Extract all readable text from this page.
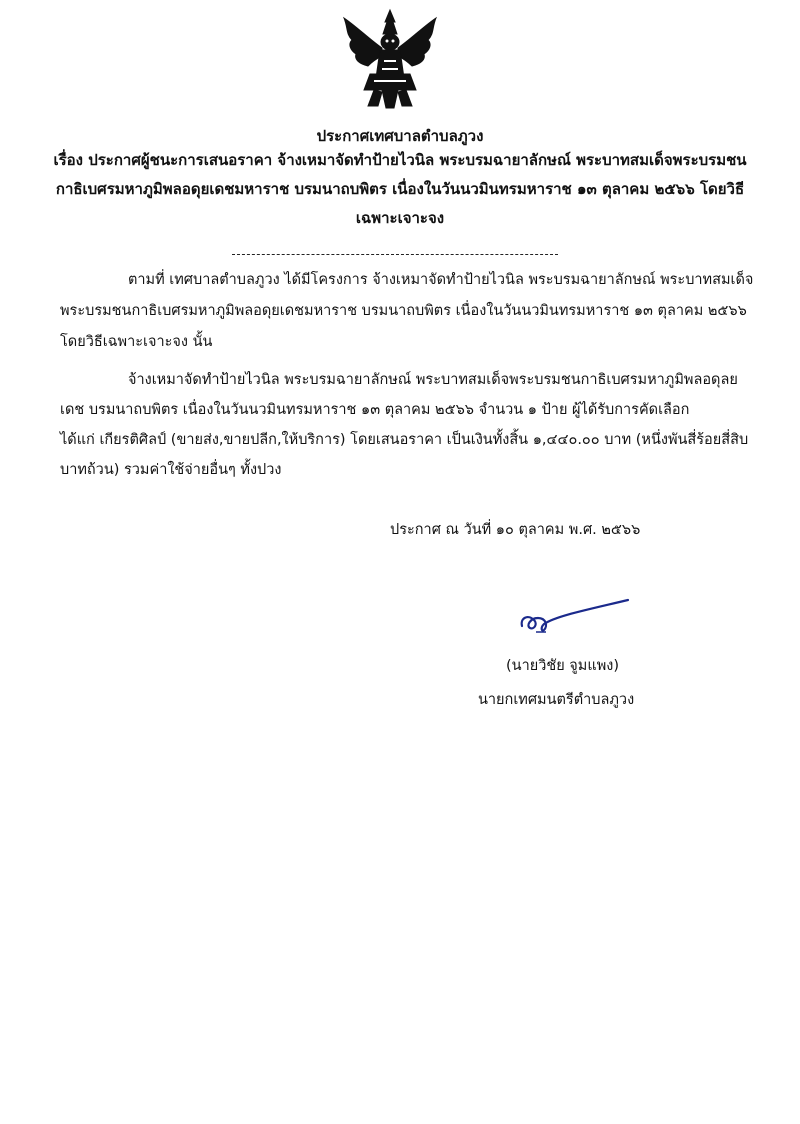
ประกาศเทศบาลตำบลภูวง
เรื่อง ประกาศผู้ชนะการเสนอราคา จ้างเหมาจัดทำป้ายไวนิล พระบรมฉายาลักษณ์ พระบาทสมเด็จพระบรมชน
กาธิเบศรมหาภูมิพลอดุยเดชมหาราช บรมนาถบพิตร เนื่องในวันนวมินทรมหาราช ๑๓ ตุลาคม ๒๕๖๖ โดยวิธี
เฉพาะเจาะจง
ตามที่ เทศบาลตำบลภูวง ได้มีโครงการ จ้างเหมาจัดทำป้ายไวนิล พระบรมฉายาลักษณ์ พระบาทสมเด็จ
พระบรมชนกาธิเบศรมหาภูมิพลอดุยเดชมหาราช บรมนาถบพิตร เนื่องในวันนวมินทรมหาราช ๑๓ ตุลาคม ๒๕๖๖
โดยวิธีเฉพาะเจาะจง นั้น
จ้างเหมาจัดทำป้ายไวนิล พระบรมฉายาลักษณ์ พระบาทสมเด็จพระบรมชนกาธิเบศรมหาภูมิพลอดุลย
เดช บรมนาถบพิตร เนื่องในวันนวมินทรมหาราช ๑๓ ตุลาคม ๒๕๖๖ จำนวน ๑ ป้าย ผู้ได้รับการคัดเลือก
ได้แก่ เกียรติศิลป์ (ขายส่ง,ขายปลีก,ให้บริการ) โดยเสนอราคา เป็นเงินทั้งสิ้น ๑,๔๔๐.๐๐ บาท (หนึ่งพันสี่ร้อยสี่สิบ
บาทถ้วน) รวมค่าใช้จ่ายอื่นๆ ทั้งปวง
ประกาศ ณ วันที่ ๑๐ ตุลาคม พ.ศ. ๒๕๖๖
(นายวิชัย จูมแพง)
นายกเทศมนตรีตำบลภูวง
